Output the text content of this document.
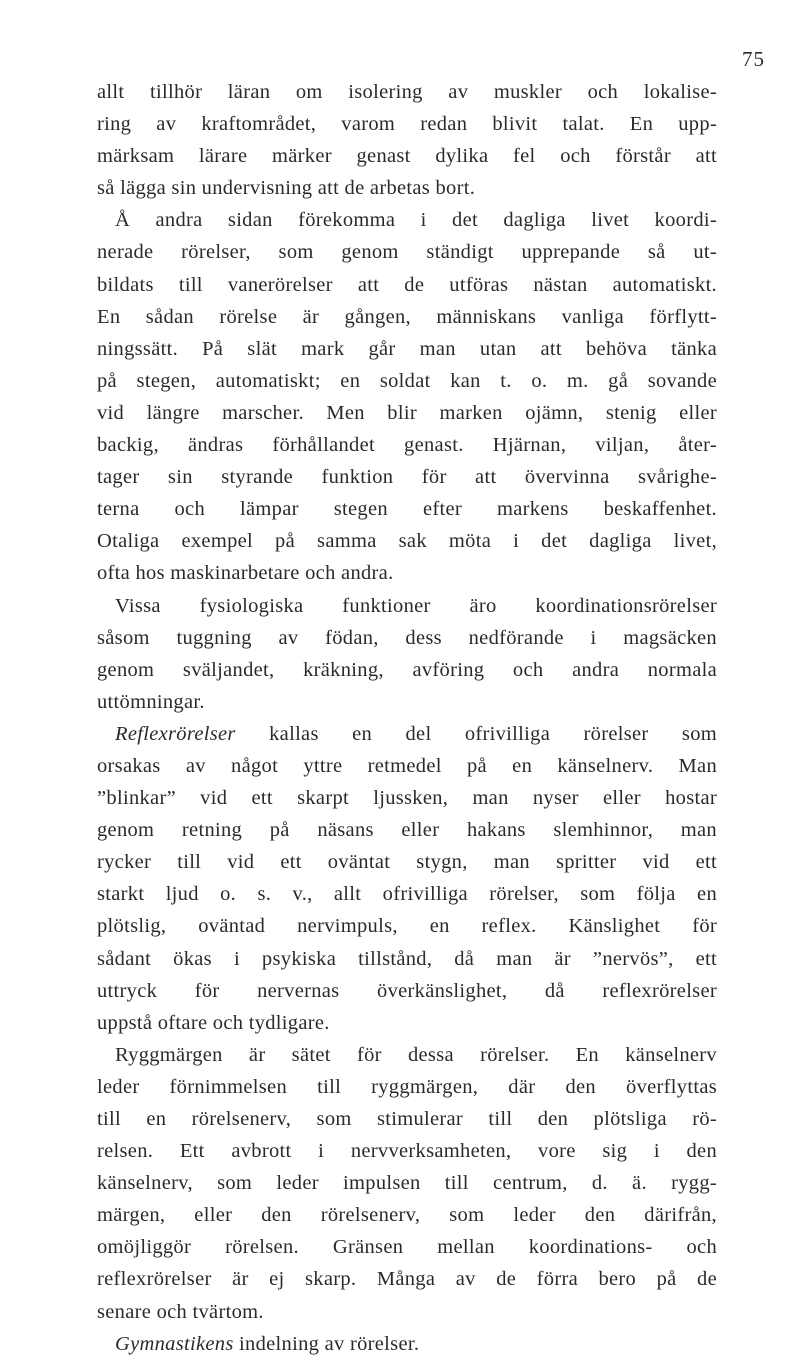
75
allt tillhör läran om isolering av muskler och lokalise-
ring av kraftområdet, varom redan blivit talat. En upp-
märksam lärare märker genast dylika fel och förstår att
så lägga sin undervisning att de arbetas bort.
Å andra sidan förekomma i det dagliga livet koordi-
nerade rörelser, som genom ständigt upprepande så ut-
bildats till vanerörelser att de utföras nästan automatiskt.
En sådan rörelse är gången, människans vanliga förflytt-
ningssätt. På slät mark går man utan att behöva tänka
på stegen, automatiskt; en soldat kan t. o. m. gå sovande
vid längre marscher. Men blir marken ojämn, stenig eller
backig, ändras förhållandet genast. Hjärnan, viljan, åter-
tager sin styrande funktion för att övervinna svårighe-
terna och lämpar stegen efter markens beskaffenhet.
Otaliga exempel på samma sak möta i det dagliga livet,
ofta hos maskinarbetare och andra.
Vissa fysiologiska funktioner äro koordinationsrörelser
såsom tuggning av födan, dess nedförande i magsäcken
genom sväljandet, kräkning, avföring och andra normala
uttömningar.
Reflexrörelser kallas en del ofrivilliga rörelser som
orsakas av något yttre retmedel på en känselnerv. Man
”blinkar” vid ett skarpt ljussken, man nyser eller hostar
genom retning på näsans eller hakans slemhinnor, man
rycker till vid ett oväntat stygn, man spritter vid ett
starkt ljud o. s. v., allt ofrivilliga rörelser, som följa en
plötslig, oväntad nervimpuls, en reflex. Känslighet för
sådant ökas i psykiska tillstånd, då man är ”nervös”, ett
uttryck för nervernas överkänslighet, då reflexrörelser
uppstå oftare och tydligare.
Ryggmärgen är sätet för dessa rörelser. En känselnerv
leder förnimmelsen till ryggmärgen, där den överflyttas
till en rörelsenerv, som stimulerar till den plötsliga rö-
relsen. Ett avbrott i nervverksamheten, vore sig i den
känselnerv, som leder impulsen till centrum, d. ä. rygg-
märgen, eller den rörelsenerv, som leder den därifrån,
omöjliggör rörelsen. Gränsen mellan koordinations- och
reflexrörelser är ej skarp. Många av de förra bero på de
senare och tvärtom.
Gymnastikens indelning av rörelser.
